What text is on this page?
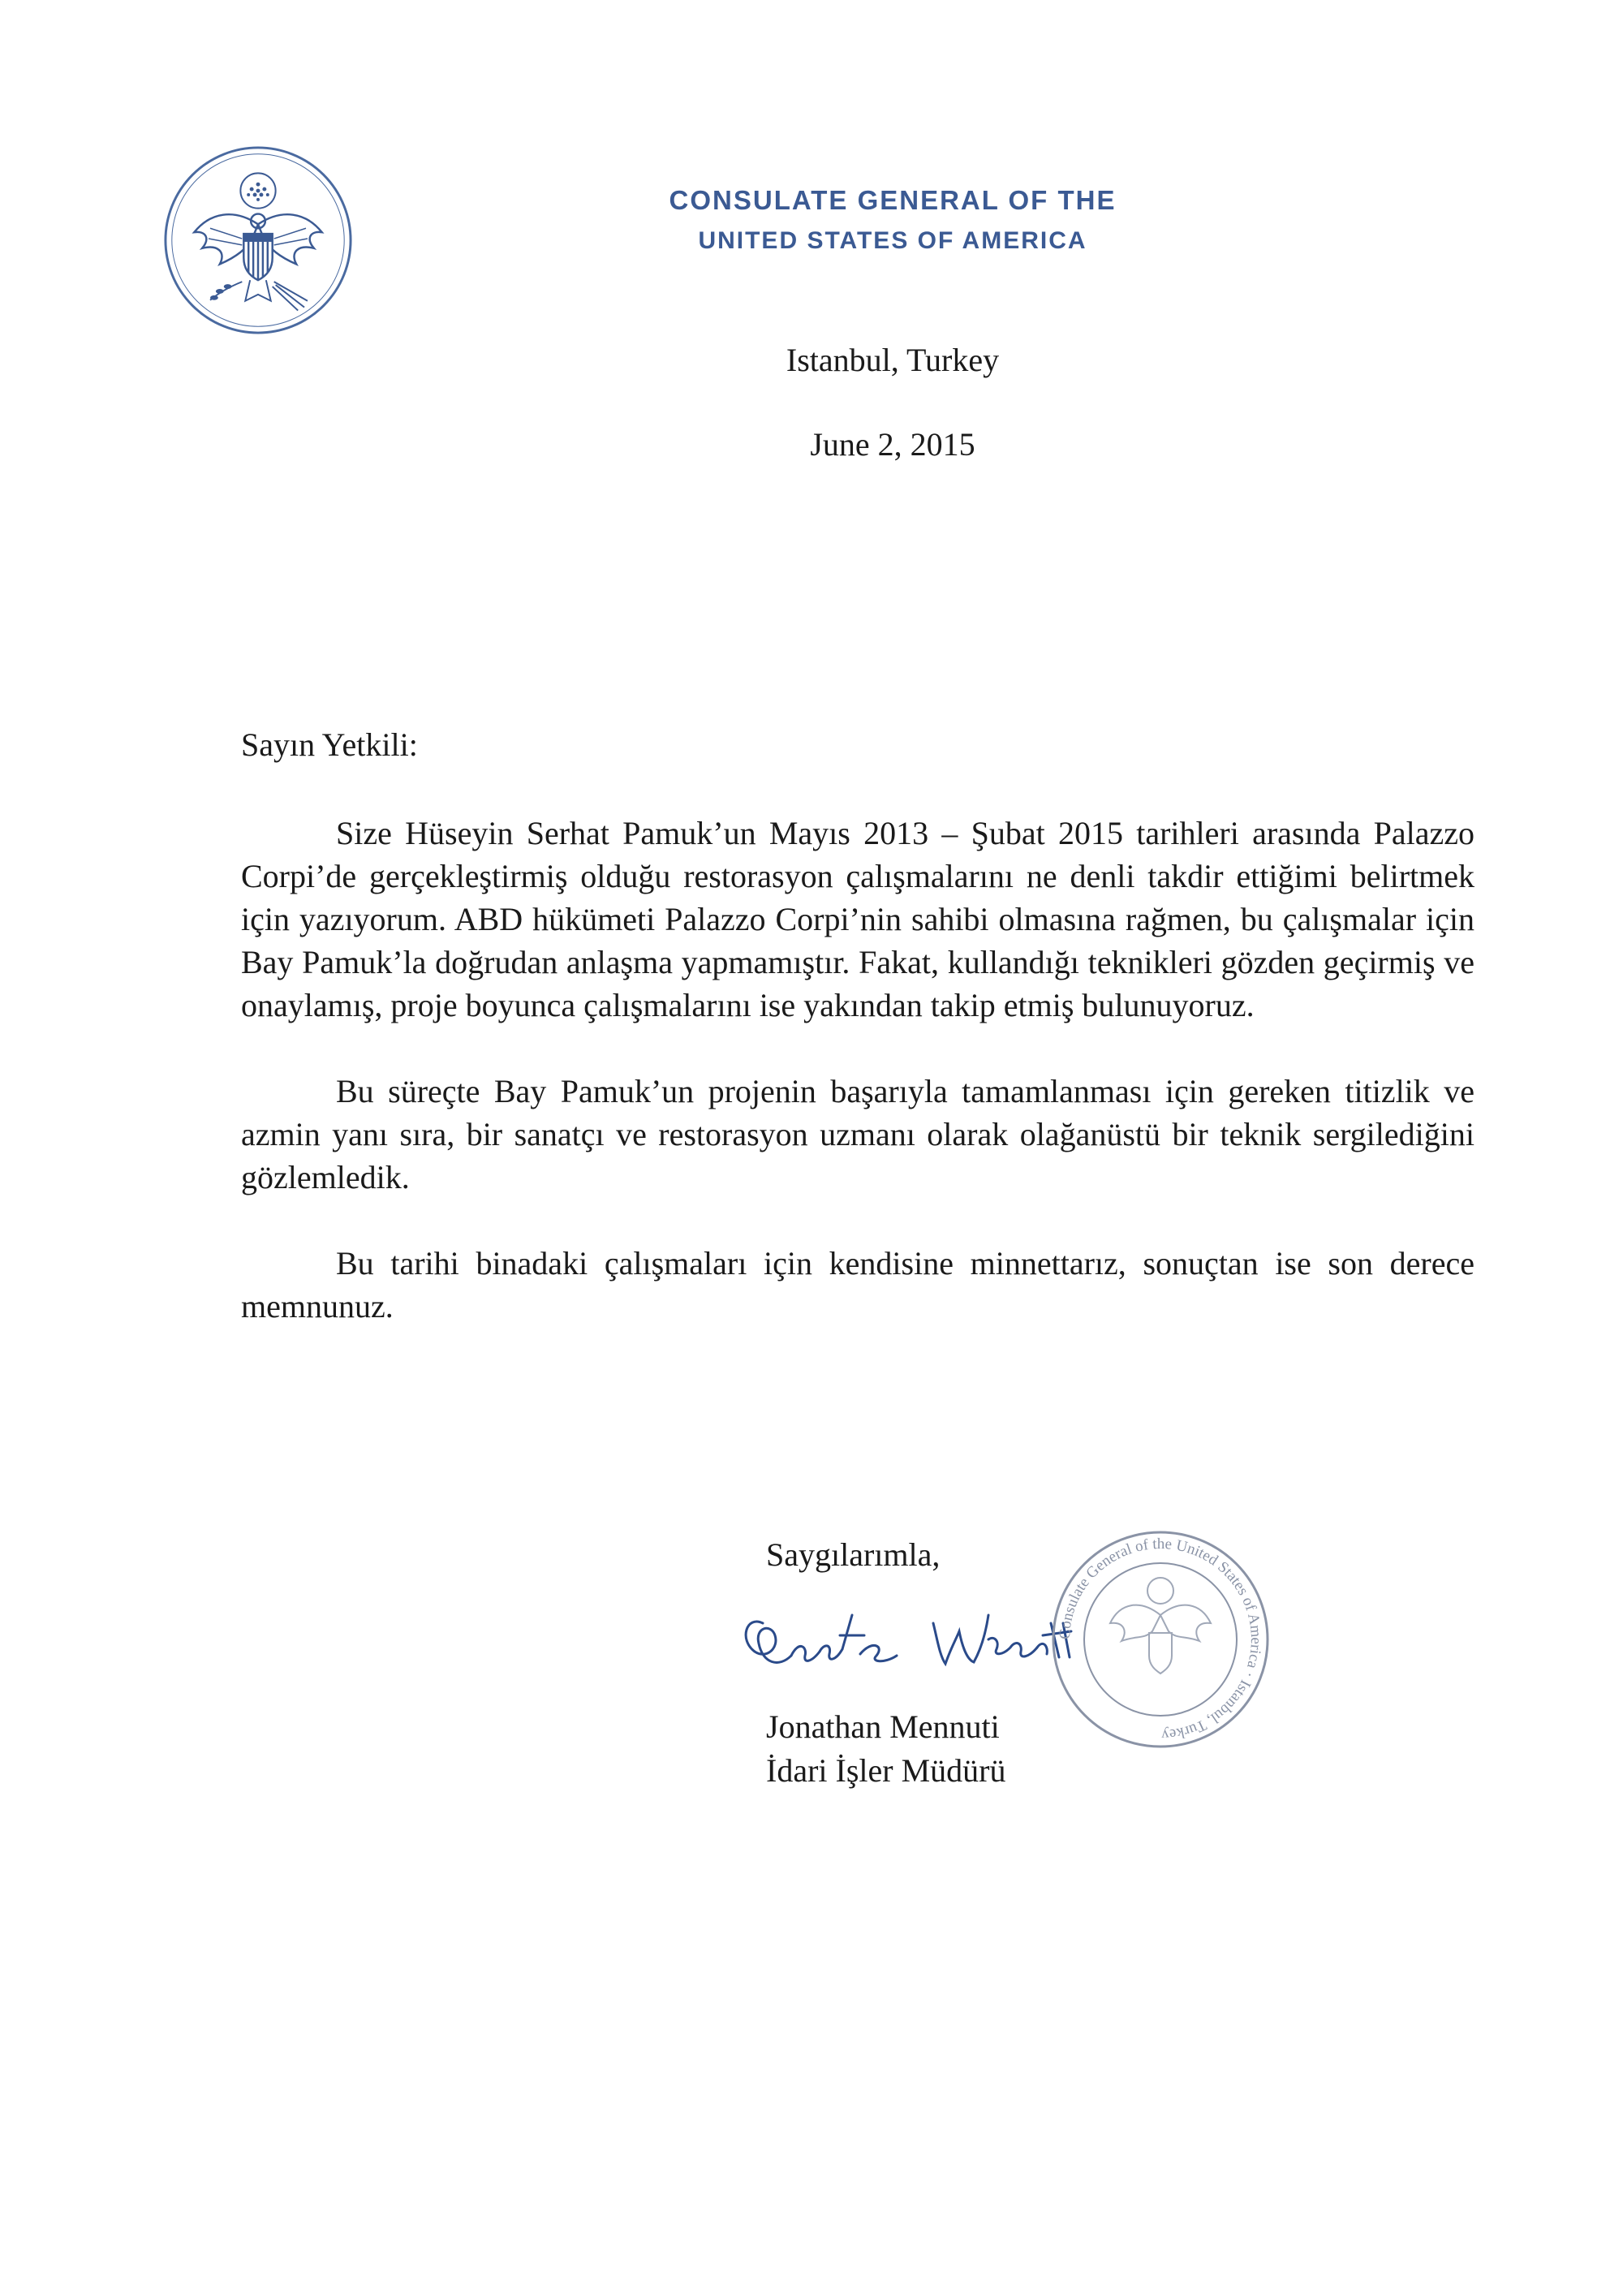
CONSULATE GENERAL OF THE
UNITED STATES OF AMERICA
Istanbul, Turkey
June 2, 2015
Sayın Yetkili:

Size Hüseyin Serhat Pamuk’un Mayıs 2013 – Şubat 2015 tarihleri arasında Palazzo Corpi’de gerçekleştirmiş olduğu restorasyon çalışmalarını ne denli takdir ettiğimi belirtmek için yazıyorum. ABD hükümeti Palazzo Corpi’nin sahibi olmasına rağmen, bu çalışmalar için Bay Pamuk’la doğrudan anlaşma yapmamıştır. Fakat, kullandığı teknikleri gözden geçirmiş ve onaylamış, proje boyunca çalışmalarını ise yakından takip etmiş bulunuyoruz.

Bu süreçte Bay Pamuk’un projenin başarıyla tamamlanması için gereken titizlik ve azmin yanı sıra, bir sanatçı ve restorasyon uzmanı olarak olağanüstü bir teknik sergilediğini gözlemledik.

Bu tarihi binadaki çalışmaları için kendisine minnettarız, sonuçtan ise son derece memnunuz.

Saygılarımla,
Consulate General of the United States of America · Istanbul, Turkey
Jonathan Mennuti
İdari İşler Müdürü
